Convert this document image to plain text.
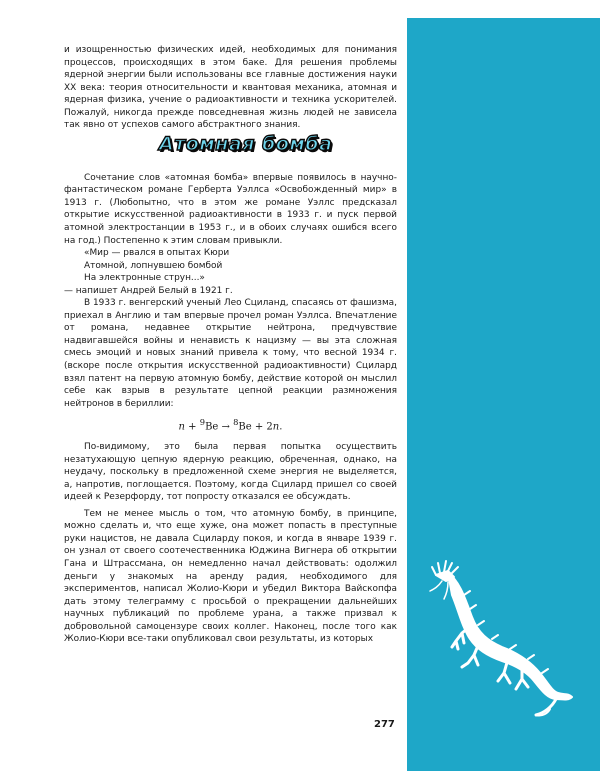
и изощренностью физических идей, необходимых для понимания процессов, происходящих в этом баке. Для решения проблемы ядерной энергии были использованы все главные достижения науки XX века: теория относительности и квантовая механика, атомная и ядерная физика, учение о радиоактивности и техника ускорителей. Пожалуй, никогда прежде повседневная жизнь людей не зависела так явно от успехов самого абстрактного знания.

Атомная бомба

Сочетание слов «атомная бомба» впервые появилось в научно-фантастическом романе Герберта Уэллса «Освобожденный мир» в 1913 г. (Любопытно, что в этом же романе Уэллс предсказал открытие искусственной радиоактивности в 1933 г. и пуск первой атомной электростанции в 1953 г., и в обоих случаях ошибся всего на год.) Постепенно к этим словам привыкли.

«Мир — рвался в опытах Кюри

Атомной, лопнувшею бомбой

На электронные струн...»

— напишет Андрей Белый в 1921 г.

В 1933 г. венгерский ученый Лео Сциланд, спасаясь от фашизма, приехал в Англию и там впервые прочел роман Уэллса. Впечатление от романа, недавнее открытие нейтрона, предчувствие надвигавшейся войны и ненависть к нацизму — вы эта сложная смесь эмоций и новых знаний привела к тому, что весной 1934 г. (вскоре после открытия искусственной радиоактивности) Сцилард взял патент на первую атомную бомбу, действие которой он мыслил себе как взрыв в результате цепной реакции размножения нейтронов в бериллии:

n + $^9$Be → $^8$Be + 2n.

По-видимому, это была первая попытка осуществить незатухающую цепную ядерную реакцию, обреченная, однако, на неудачу, поскольку в предложенной схеме энергия не выделяется, а, напротив, поглощается. Поэтому, когда Сцилард пришел со своей идеей к Резерфорду, тот попросту отказался ее обсуждать.

Тем не менее мысль о том, что атомную бомбу, в принципе, можно сделать и, что еще хуже, она может попасть в преступные руки нацистов, не давала Сциларду покоя, и когда в январе 1939 г. он узнал от своего соотечественника Юджина Вигнера об открытии Гана и Штрассмана, он немедленно начал действовать: одолжил деньги у знакомых на аренду радия, необходимого для экспериментов, написал Жолио-Кюри и убедил Виктора Вайскопфа дать этому телеграмму с просьбой о прекращении дальнейших научных публикаций по проблеме урана, а также призвал к добровольной самоцензуре своих коллег. Наконец, после того как Жолио-Кюри все-таки опубликовал свои результаты, из которых

277
